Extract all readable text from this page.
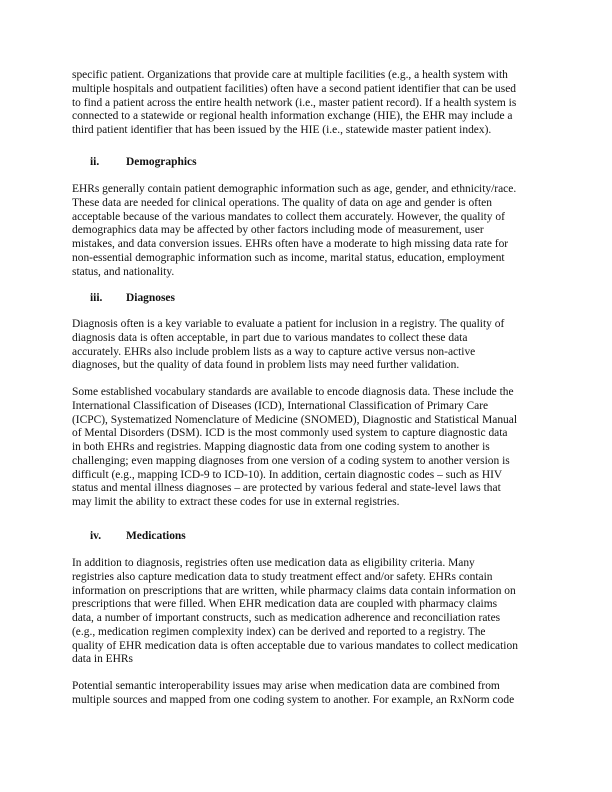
specific patient. Organizations that provide care at multiple facilities (e.g., a health system with
multiple hospitals and outpatient facilities) often have a second patient identifier that can be used
to find a patient across the entire health network (i.e., master patient record). If a health system is
connected to a statewide or regional health information exchange (HIE), the EHR may include a
third patient identifier that has been issued by the HIE (i.e., statewide master patient index).
ii. Demographics
EHRs generally contain patient demographic information such as age, gender, and ethnicity/race.
These data are needed for clinical operations. The quality of data on age and gender is often
acceptable because of the various mandates to collect them accurately. However, the quality of
demographics data may be affected by other factors including mode of measurement, user
mistakes, and data conversion issues. EHRs often have a moderate to high missing data rate for
non-essential demographic information such as income, marital status, education, employment
status, and nationality.
iii. Diagnoses
Diagnosis often is a key variable to evaluate a patient for inclusion in a registry. The quality of
diagnosis data is often acceptable, in part due to various mandates to collect these data
accurately. EHRs also include problem lists as a way to capture active versus non-active
diagnoses, but the quality of data found in problem lists may need further validation.
Some established vocabulary standards are available to encode diagnosis data. These include the
International Classification of Diseases (ICD), International Classification of Primary Care
(ICPC), Systematized Nomenclature of Medicine (SNOMED), Diagnostic and Statistical Manual
of Mental Disorders (DSM). ICD is the most commonly used system to capture diagnostic data
in both EHRs and registries. Mapping diagnostic data from one coding system to another is
challenging; even mapping diagnoses from one version of a coding system to another version is
difficult (e.g., mapping ICD-9 to ICD-10). In addition, certain diagnostic codes – such as HIV
status and mental illness diagnoses – are protected by various federal and state-level laws that
may limit the ability to extract these codes for use in external registries.
iv. Medications
In addition to diagnosis, registries often use medication data as eligibility criteria. Many
registries also capture medication data to study treatment effect and/or safety. EHRs contain
information on prescriptions that are written, while pharmacy claims data contain information on
prescriptions that were filled. When EHR medication data are coupled with pharmacy claims
data, a number of important constructs, such as medication adherence and reconciliation rates
(e.g., medication regimen complexity index) can be derived and reported to a registry. The
quality of EHR medication data is often acceptable due to various mandates to collect medication
data in EHRs
Potential semantic interoperability issues may arise when medication data are combined from
multiple sources and mapped from one coding system to another. For example, an RxNorm code
